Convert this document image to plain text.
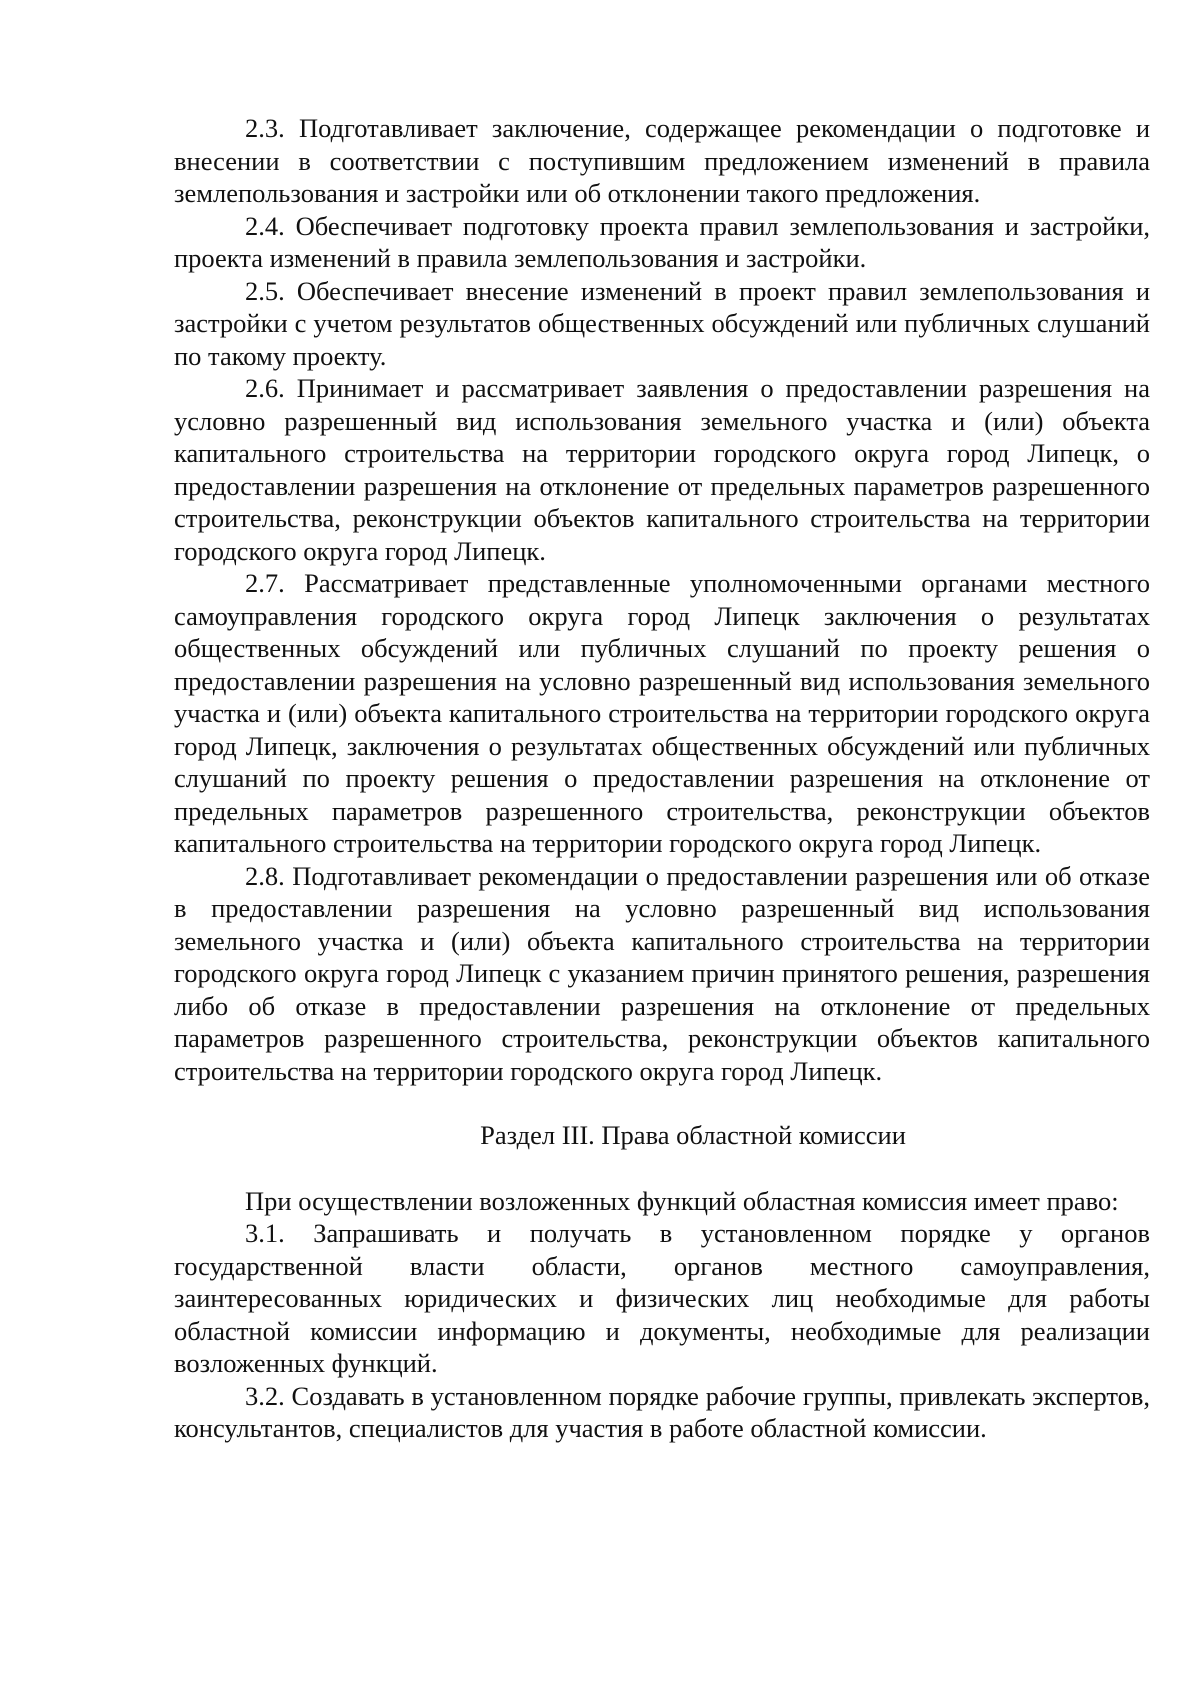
2.3. Подготавливает заключение, содержащее рекомендации о подготовке и внесении в соответствии с поступившим предложением изменений в правила землепользования и застройки или об отклонении такого предложения.

2.4. Обеспечивает подготовку проекта правил землепользования и застройки, проекта изменений в правила землепользования и застройки.

2.5. Обеспечивает внесение изменений в проект правил землепользования и застройки с учетом результатов общественных обсуждений или публичных слушаний по такому проекту.

2.6. Принимает и рассматривает заявления о предоставлении разрешения на условно разрешенный вид использования земельного участка и (или) объекта капитального строительства на территории городского округа город Липецк, о предоставлении разрешения на отклонение от предельных параметров разрешенного строительства, реконструкции объектов капитального строительства на территории городского округа город Липецк.

2.7. Рассматривает представленные уполномоченными органами местного самоуправления городского округа город Липецк заключения о результатах общественных обсуждений или публичных слушаний по проекту решения о предоставлении разрешения на условно разрешенный вид использования земельного участка и (или) объекта капитального строительства на территории городского округа город Липецк, заключения о результатах общественных обсуждений или публичных слушаний по проекту решения о предоставлении разрешения на отклонение от предельных параметров разрешенного строительства, реконструкции объектов капитального строительства на территории городского округа город Липецк.

2.8. Подготавливает рекомендации о предоставлении разрешения или об отказе в предоставлении разрешения на условно разрешенный вид использования земельного участка и (или) объекта капитального строительства на территории городского округа город Липецк с указанием причин принятого решения, разрешения либо об отказе в предоставлении разрешения на отклонение от предельных параметров разрешенного строительства, реконструкции объектов капитального строительства на территории городского округа город Липецк.

Раздел III. Права областной комиссии

При осуществлении возложенных функций областная комиссия имеет право:

3.1. Запрашивать и получать в установленном порядке у органов государственной власти области, органов местного самоуправления, заинтересованных юридических и физических лиц необходимые для работы областной комиссии информацию и документы, необходимые для реализации возложенных функций.

3.2. Создавать в установленном порядке рабочие группы, привлекать экспертов, консультантов, специалистов для участия в работе областной комиссии.
